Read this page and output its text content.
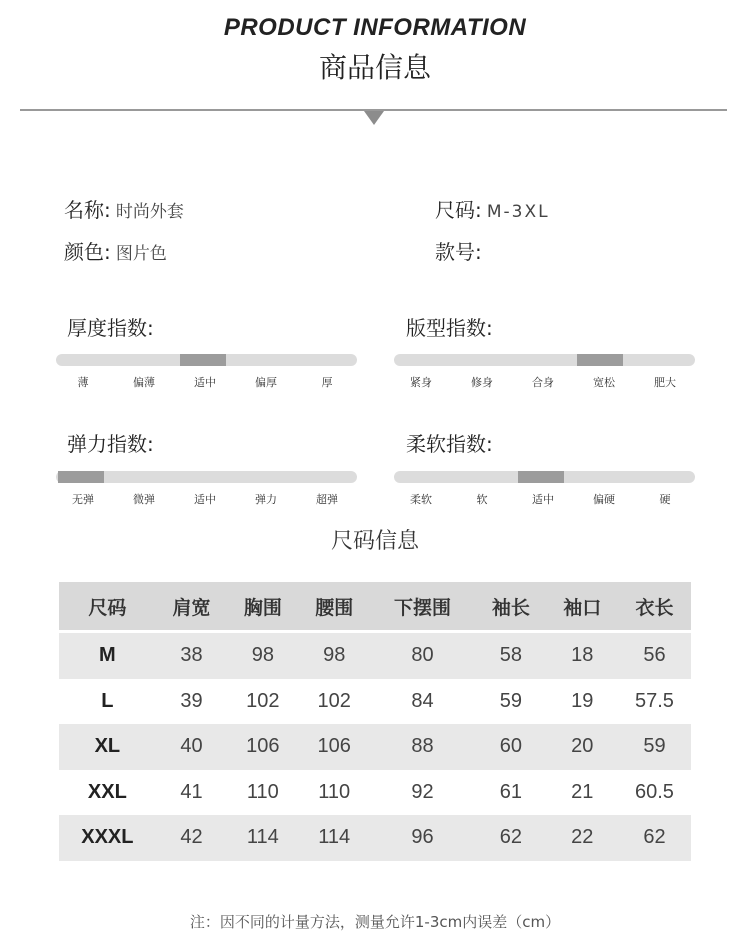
PRODUCT INFORMATION
商品信息
名称: 时尚外套	尺码: M-3XL
颜色: 图片色	款号:
厚度指数:
薄	偏薄	适中	偏厚	厚
版型指数:
紧身	修身	合身	宽松	肥大
弹力指数:
无弹	微弹	适中	弹力	超弹
柔软指数:
柔软	软	适中	偏硬	硬
尺码信息
尺码	肩宽	胸围	腰围	下摆围	袖长	袖口	衣长
M	38	98	98	80	58	18	56
L	39	102	102	84	59	19	57.5
XL	40	106	106	88	60	20	59
XXL	41	110	110	92	61	21	60.5
XXXL	42	114	114	96	62	22	62
注：因不同的计量方法，测量允许1-3cm内误差（cm）
